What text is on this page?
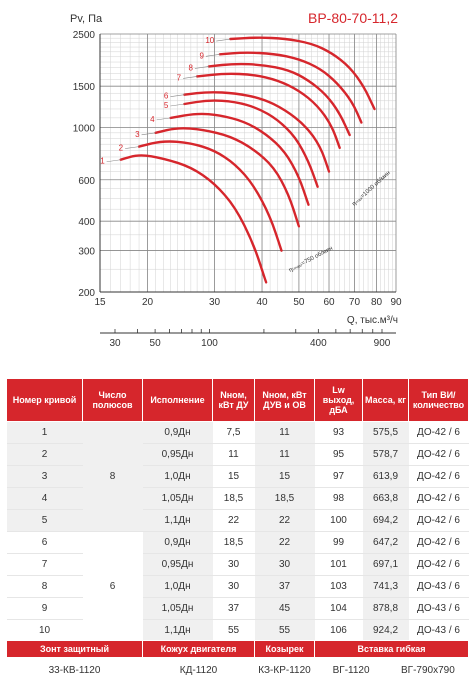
15	20	30	40	50 60 70 80 90
200
300
400
600
1000
1500
2500
30	50	100	400	900
1
2
3
4
5
6
7
8
9
10
η₍ₘₐₓ₎=750 об/мин
ηₘₐₓ=1000 об/мин
ВР-80-70-11,2
Pv, Па
Q, тыс.м³/ч
Номер кривой	Число полюсов	Исполнение	Nном, кВт ДУ	Nном, кВт ДУВ и ОВ	Lw выход, дБА	Масса, кг	Тип ВИ/ количество
1	8	0,9Дн	7,5	11	93	575,5	ДО-42 / 6
2		0,95Дн	11	11	95	578,7	ДО-42 / 6
3		1,0Дн	15	15	97	613,9	ДО-42 / 6
4		1,05Дн	18,5	18,5	98	663,8	ДО-42 / 6
5		1,1Дн	22	22	100	694,2	ДО-42 / 6
6	6	0,9Дн	18,5	22	99	647,2	ДО-42 / 6
7		0,95Дн	30	30	101	697,1	ДО-42 / 6
8		1,0Дн	30	37	103	741,3	ДО-43 / 6
9		1,05Дн	37	45	104	878,8	ДО-43 / 6
10		1,1Дн	55	55	106	924,2	ДО-43 / 6
Зонт защитный	Кожух двигателя	Козырек	Вставка гибкая
33-КВ-1120	КД-1120	КЗ-КР-1120	ВГ-1120 ВГ-790х790
